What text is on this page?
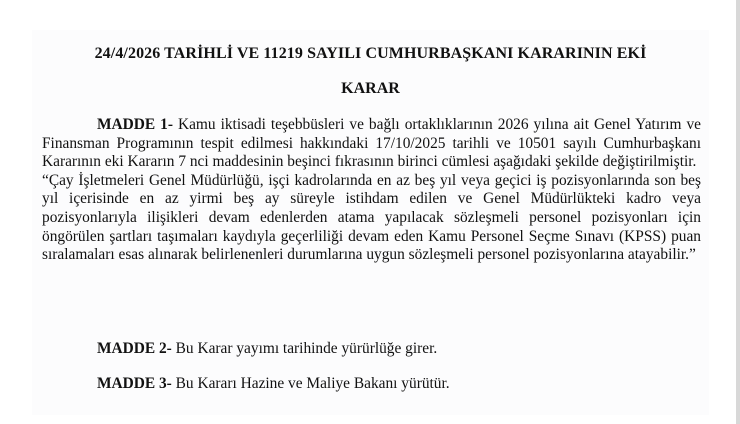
24/4/2026 TARİHLİ VE 11219 SAYILI CUMHURBAŞKANI KARARININ EKİ

KARAR

MADDE 1- Kamu iktisadi teşebbüsleri ve bağlı ortaklıklarının 2026 yılına ait Genel Yatırım ve Finansman Programının tespit edilmesi hakkındaki 17/10/2025 tarihli ve 10501 sayılı Cumhurbaşkanı Kararının eki Kararın 7 nci maddesinin beşinci fıkrasının birinci cümlesi aşağıdaki şekilde değiştirilmiştir.

“Çay İşletmeleri Genel Müdürlüğü, işçi kadrolarında en az beş yıl veya geçici iş pozisyonlarında son beş yıl içerisinde en az yirmi beş ay süreyle istihdam edilen ve Genel Müdürlükteki kadro veya pozisyonlarıyla ilişikleri devam edenlerden atama yapılacak sözleşmeli personel pozisyonları için öngörülen şartları taşımaları kaydıyla geçerliliği devam eden Kamu Personel Seçme Sınavı (KPSS) puan sıralamaları esas alınarak belirlenenleri durumlarına uygun sözleşmeli personel pozisyonlarına atayabilir.”

MADDE 2- Bu Karar yayımı tarihinde yürürlüğe girer.

MADDE 3- Bu Kararı Hazine ve Maliye Bakanı yürütür.
